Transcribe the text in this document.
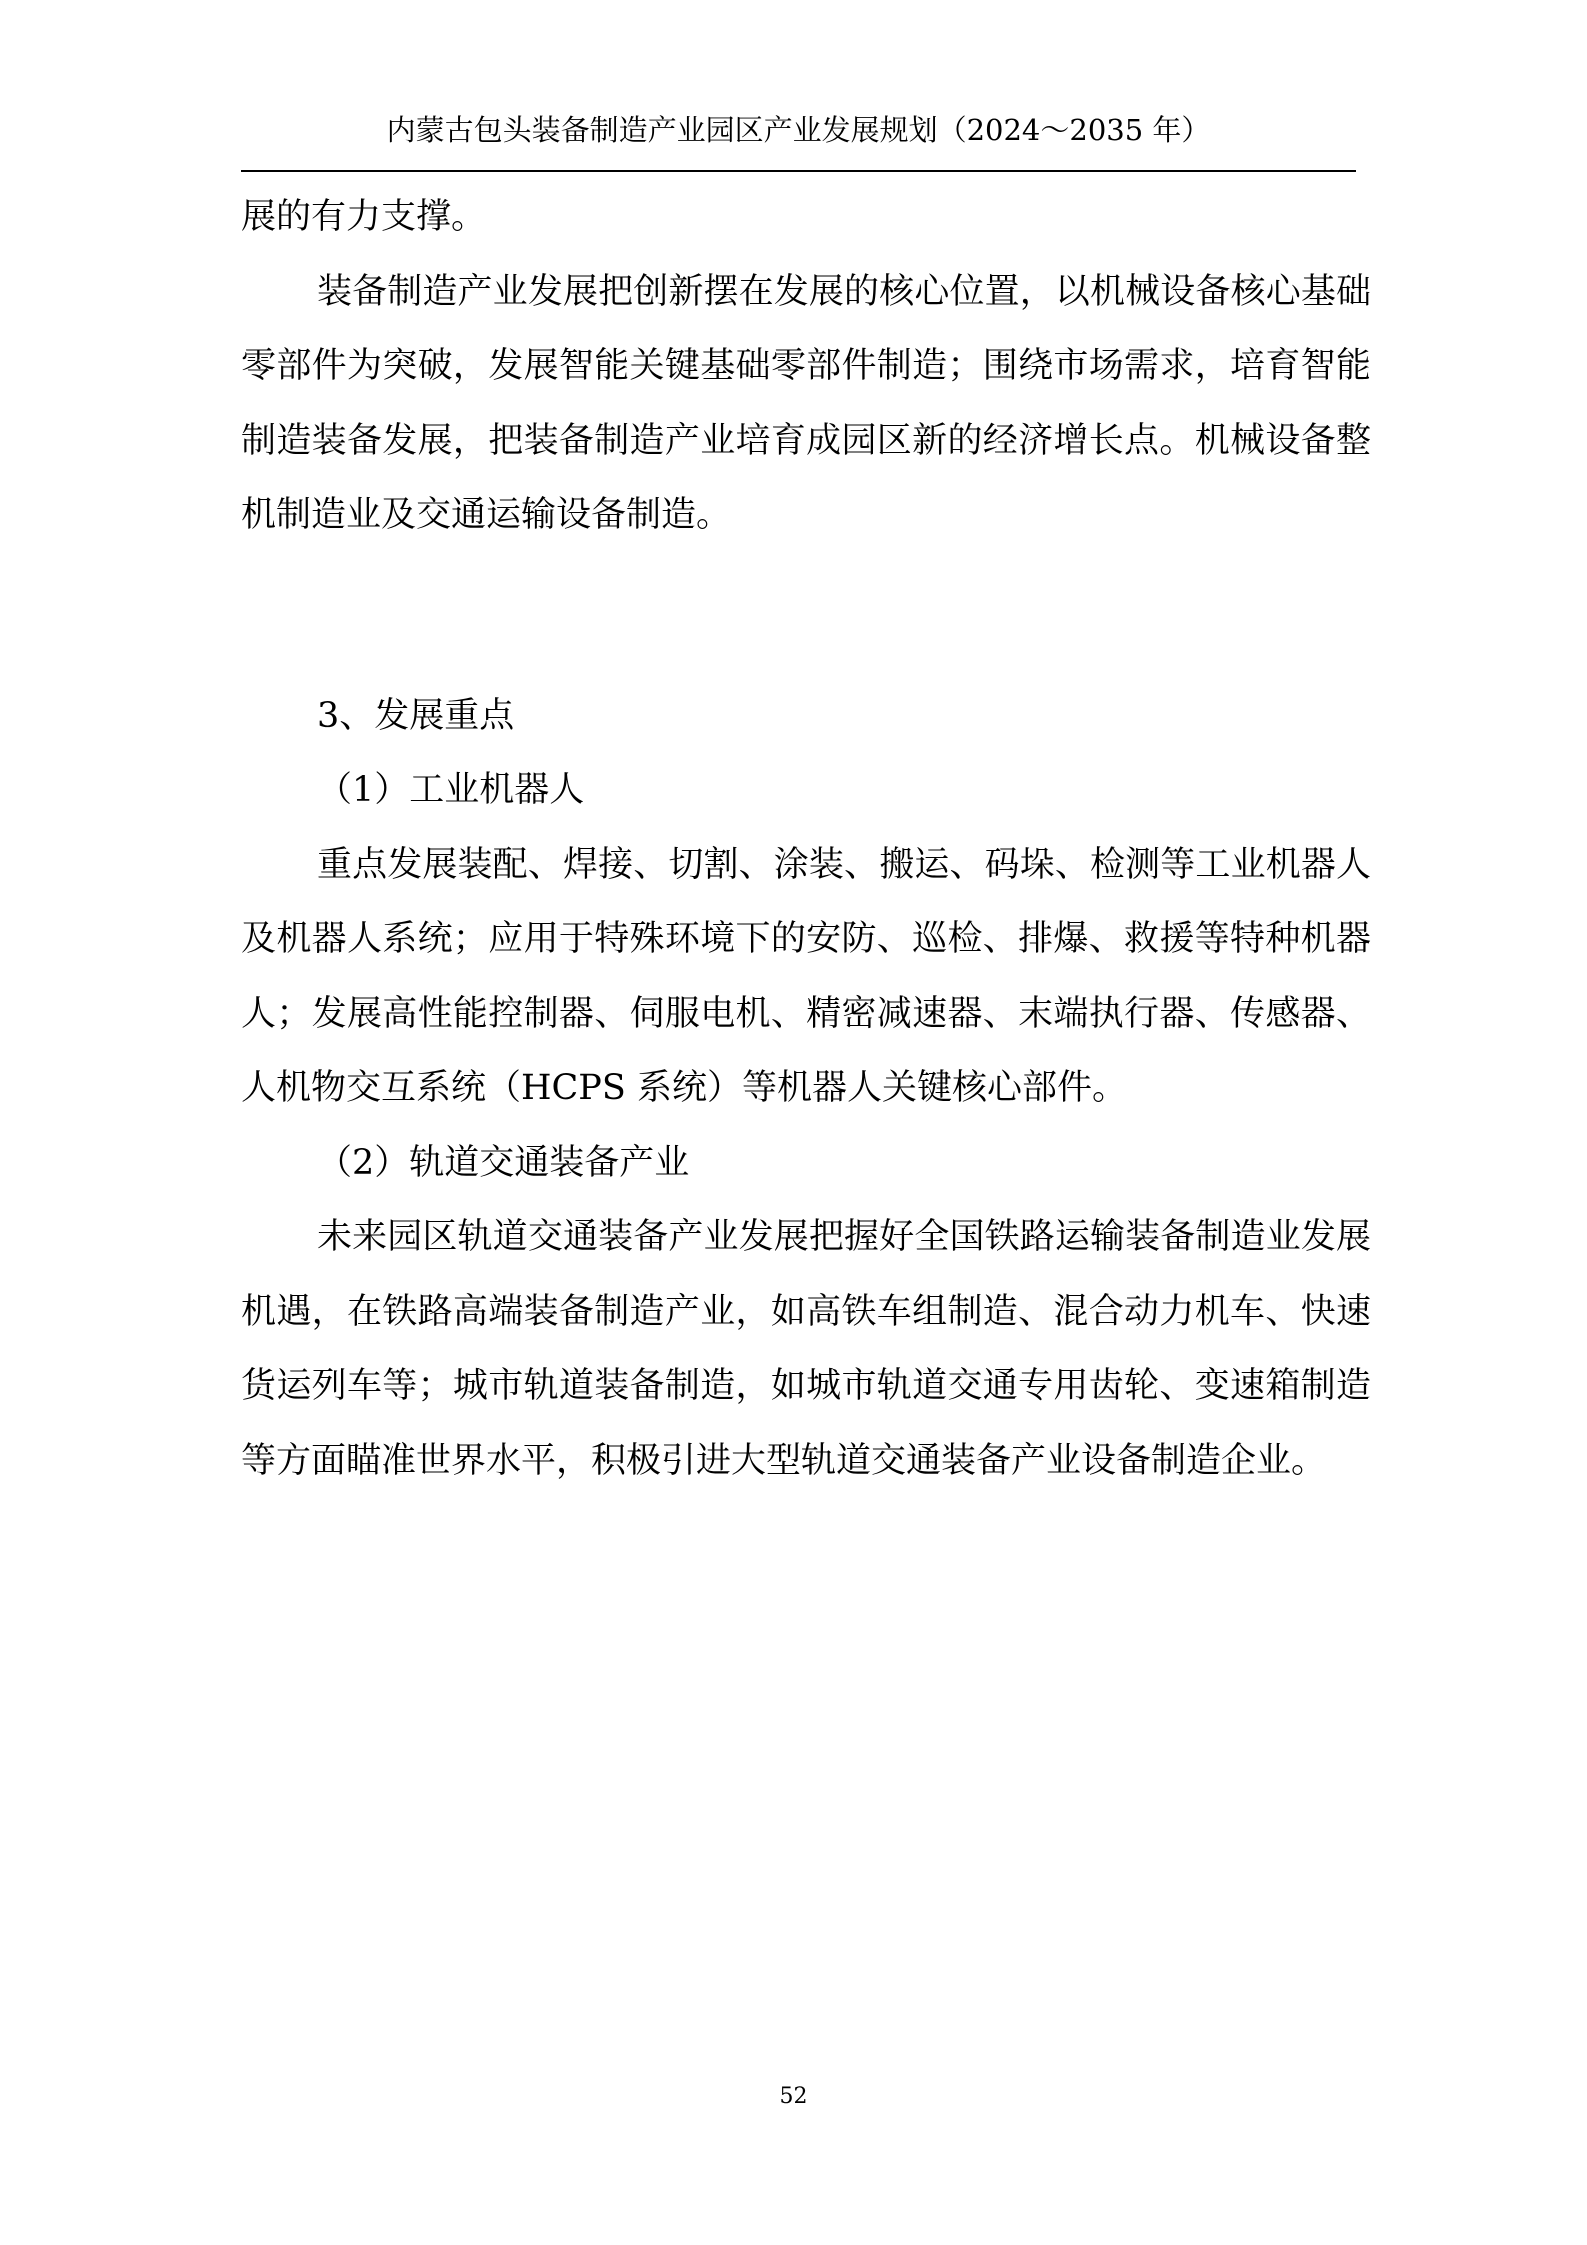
内蒙古包头装备制造产业园区产业发展规划（2024～2035 年）

展的有力支撑。

装备制造产业发展把创新摆在发展的核心位置，以机械设备核心基础零部件为突破，发展智能关键基础零部件制造；围绕市场需求，培育智能制造装备发展，把装备制造产业培育成园区新的经济增长点。机械设备整机制造业及交通运输设备制造。

3、发展重点

（1）工业机器人

重点发展装配、焊接、切割、涂装、搬运、码垛、检测等工业机器人及机器人系统；应用于特殊环境下的安防、巡检、排爆、救援等特种机器人；发展高性能控制器、伺服电机、精密减速器、末端执行器、传感器、人机物交互系统（HCPS 系统）等机器人关键核心部件。

（2）轨道交通装备产业

未来园区轨道交通装备产业发展把握好全国铁路运输装备制造业发展机遇，在铁路高端装备制造产业，如高铁车组制造、混合动力机车、快速货运列车等；城市轨道装备制造，如城市轨道交通专用齿轮、变速箱制造等方面瞄准世界水平，积极引进大型轨道交通装备产业设备制造企业。

52
